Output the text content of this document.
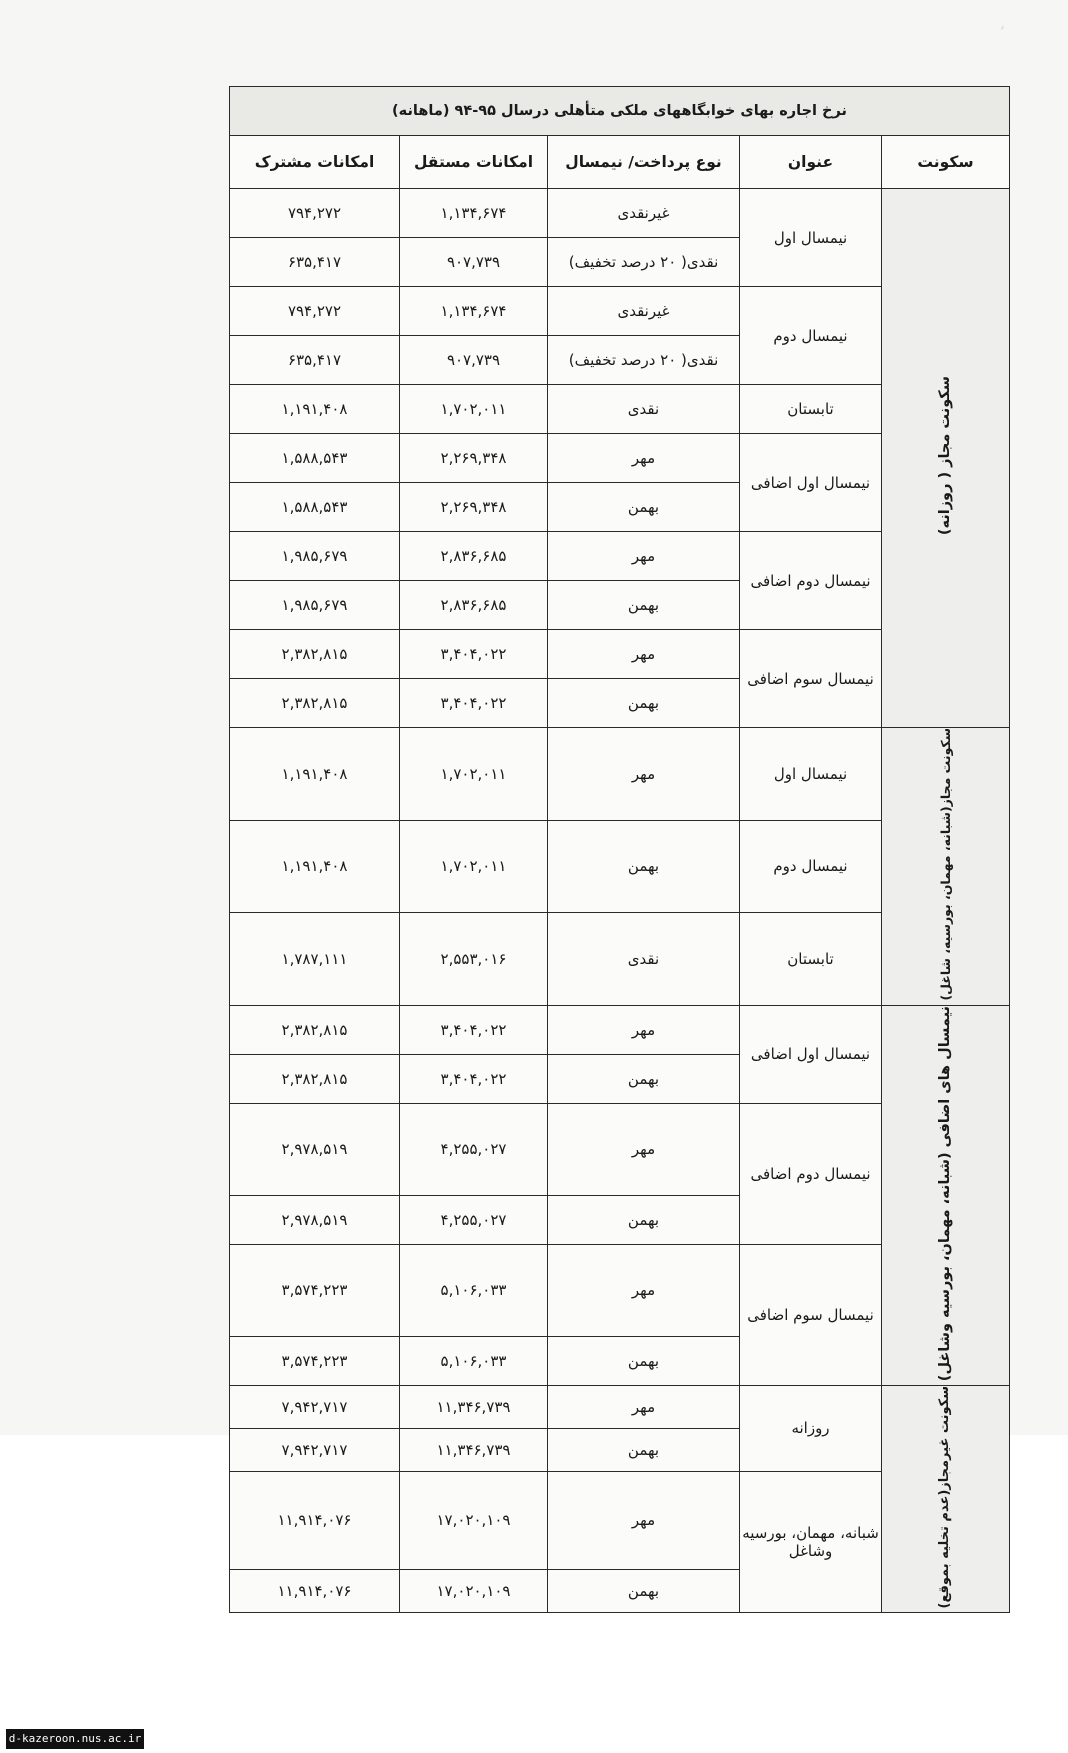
ۥ
نرخ اجاره بهای خوابگاههای ملکی متأهلی درسال ۹۵-۹۴ (ماهانه)				
سکونت	عنوان	نوع پرداخت/ نیمسال	امکانات مستقل	امکانات مشترک
سکونت مجاز ( روزانه)	نیمسال اول	غیرنقدی	۱,۱۳۴,۶۷۴	۷۹۴,۲۷۲
		نقدی( ۲۰ درصد تخفیف)	۹۰۷,۷۳۹	۶۳۵,۴۱۷
	نیمسال دوم	غیرنقدی	۱,۱۳۴,۶۷۴	۷۹۴,۲۷۲
		نقدی( ۲۰ درصد تخفیف)	۹۰۷,۷۳۹	۶۳۵,۴۱۷
	تابستان	نقدی	۱,۷۰۲,۰۱۱	۱,۱۹۱,۴۰۸
	نیمسال اول اضافی	مهر	۲,۲۶۹,۳۴۸	۱,۵۸۸,۵۴۳
		بهمن	۲,۲۶۹,۳۴۸	۱,۵۸۸,۵۴۳
	نیمسال دوم اضافی	مهر	۲,۸۳۶,۶۸۵	۱,۹۸۵,۶۷۹
		بهمن	۲,۸۳۶,۶۸۵	۱,۹۸۵,۶۷۹
	نیمسال سوم اضافی	مهر	۳,۴۰۴,۰۲۲	۲,۳۸۲,۸۱۵
		بهمن	۳,۴۰۴,۰۲۲	۲,۳۸۲,۸۱۵
سکونت مجاز(شبانه، مهمان، بورسیه، شاغل)	نیمسال اول	مهر	۱,۷۰۲,۰۱۱	۱,۱۹۱,۴۰۸
	نیمسال دوم	بهمن	۱,۷۰۲,۰۱۱	۱,۱۹۱,۴۰۸
	تابستان	نقدی	۲,۵۵۳,۰۱۶	۱,۷۸۷,۱۱۱
نیمسال های اضافی (شبانه، مهمان، بورسیه وشاغل)	نیمسال اول اضافی	مهر	۳,۴۰۴,۰۲۲	۲,۳۸۲,۸۱۵
		بهمن	۳,۴۰۴,۰۲۲	۲,۳۸۲,۸۱۵
	نیمسال دوم اضافی	مهر	۴,۲۵۵,۰۲۷	۲,۹۷۸,۵۱۹
		بهمن	۴,۲۵۵,۰۲۷	۲,۹۷۸,۵۱۹
	نیمسال سوم اضافی	مهر	۵,۱۰۶,۰۳۳	۳,۵۷۴,۲۲۳
		بهمن	۵,۱۰۶,۰۳۳	۳,۵۷۴,۲۲۳
سکونت غیرمجاز(عدم تخلیه بموقع)	روزانه	مهر	۱۱,۳۴۶,۷۳۹	۷,۹۴۲,۷۱۷
		بهمن	۱۱,۳۴۶,۷۳۹	۷,۹۴۲,۷۱۷
	شبانه، مهمان، بورسیه وشاغل	مهر	۱۷,۰۲۰,۱۰۹	۱۱,۹۱۴,۰۷۶
		بهمن	۱۷,۰۲۰,۱۰۹	۱۱,۹۱۴,۰۷۶
d-kazeroon.nus.ac.ir
